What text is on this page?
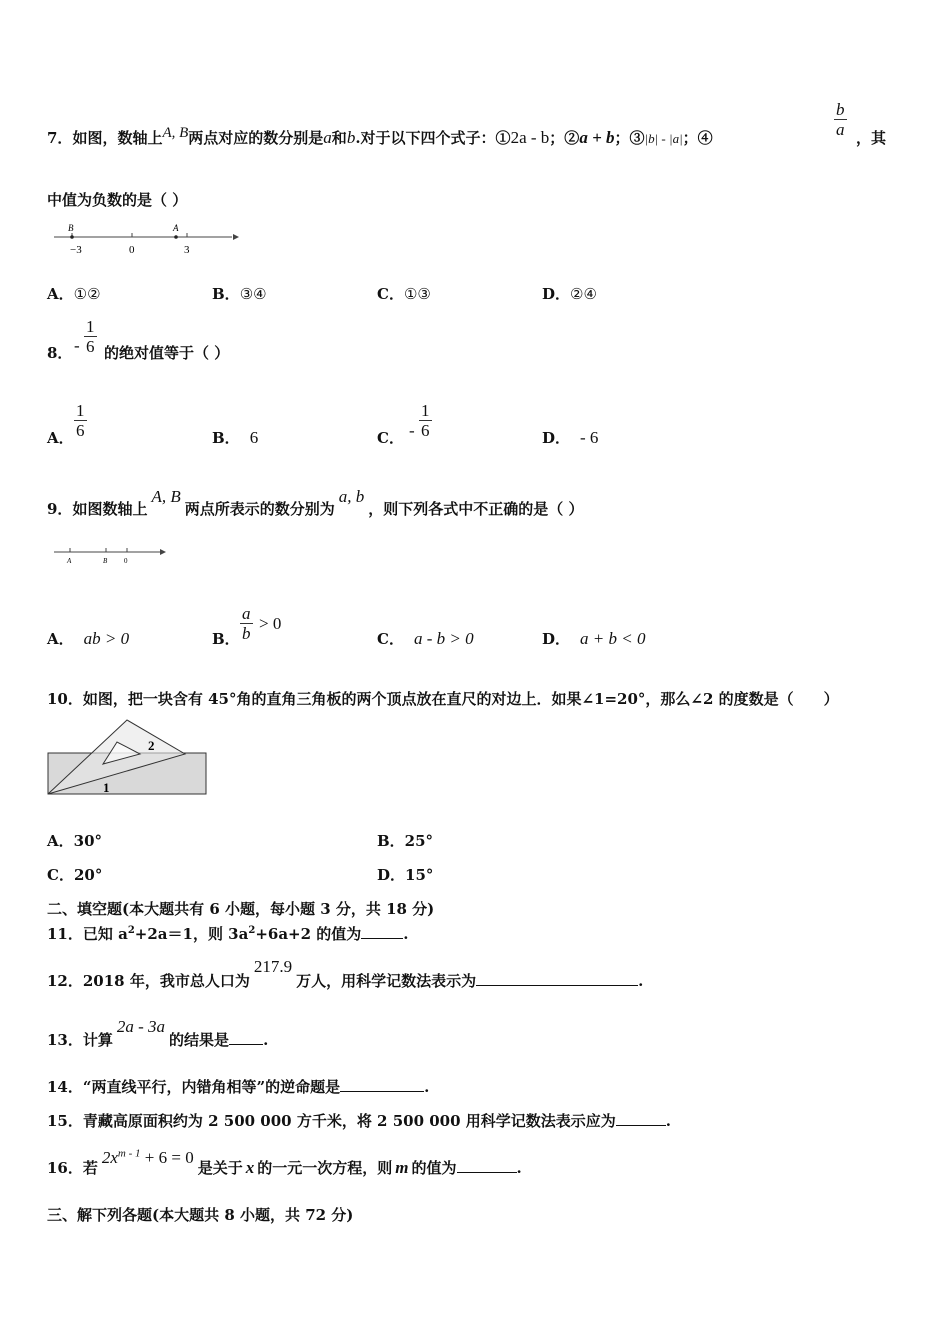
7．如图，数轴上A, B两点对应的数分别是a和b.对于以下四个式子：①2a - b；②a + b；③|b| - |a|；④	$\frac{b}{a}$ ，其
中值为负数的是（ ）
B	A
−3	0	3
A．①②	B．③④	C．①③	D．②④
8． - $\frac{1}{6}$ 的绝对值等于（ ）
A． $\frac{1}{6}$	B． 6	C． - $\frac{1}{6}$	D． - 6
9．如图数轴上A, B两点所表示的数分别为a, b，则下列各式中不正确的是（ ）
A	B 0
A． ab > 0	B． $\frac{a}{b} > 0$
C． a - b > 0	D． a + b < 0
10．如图，把一块含有 45°角的直角三角板的两个顶点放在直尺的对边上．如果∠1=20°，那么∠2 的度数是（　　）
1
2
A．30°	B．25°
C．20°	D．15°
二、填空题(本大题共有 6 小题，每小题 3 分，共 18 分)
11．已知 $a^2+2a=1$，则 $3a^2+6a+2$ 的值为	.
12．2018 年，我市总人口为217.9万人，用科学记数法表示为	.
13．计算2a - 3a的结果是 .
14．“两直线平行，内错角相等”的逆命题是	.
15．青藏高原面积约为 2 500 000 方千米，将 2 500 000 用科学记数法表示应为	.
16．若$2x^{m - 1} + 6 = 0$是关于 x 的一元一次方程，则 m 的值为	.
三、解下列各题(本大题共 8 小题，共 72 分)
